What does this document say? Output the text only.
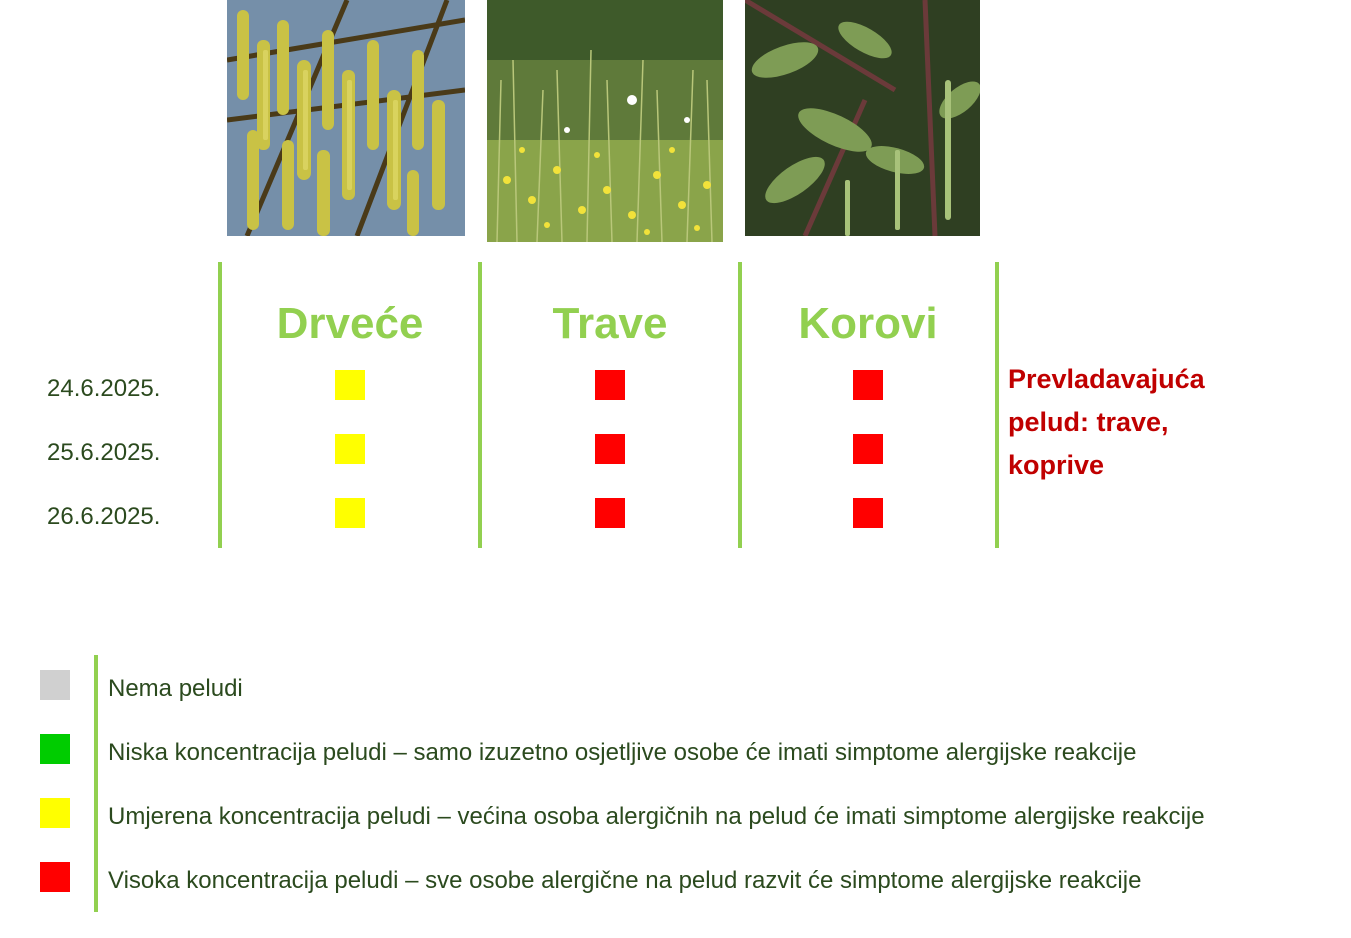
Drveće	Trave	Korovi
24.6.2025.
25.6.2025.
26.6.2025.
Prevladavajuća
pelud: trave,
koprive
Nema peludi
Niska koncentracija peludi – samo izuzetno osjetljive osobe će imati simptome alergijske reakcije
Umjerena koncentracija peludi – većina osoba alergičnih na pelud će imati simptome alergijske reakcije
Visoka koncentracija peludi – sve osobe alergične na pelud razvit će simptome alergijske reakcije
